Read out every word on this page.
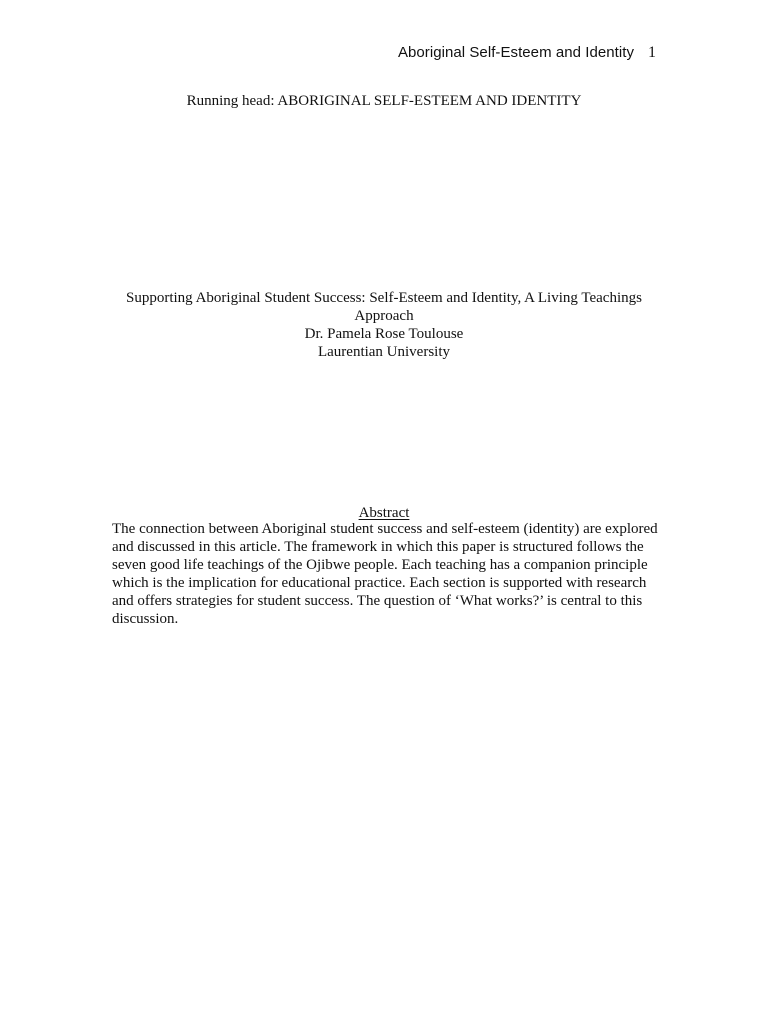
Aboriginal Self-Esteem and Identity 1
Running head: ABORIGINAL SELF-ESTEEM AND IDENTITY
Supporting Aboriginal Student Success: Self-Esteem and Identity, A Living Teachings
Approach
Dr. Pamela Rose Toulouse
Laurentian University
Abstract
The connection between Aboriginal student success and self-esteem (identity) are explored and discussed in this article. The framework in which this paper is structured follows the seven good life teachings of the Ojibwe people. Each teaching has a companion principle which is the implication for educational practice. Each section is supported with research and offers strategies for student success. The question of ‘What works?’ is central to this discussion.
